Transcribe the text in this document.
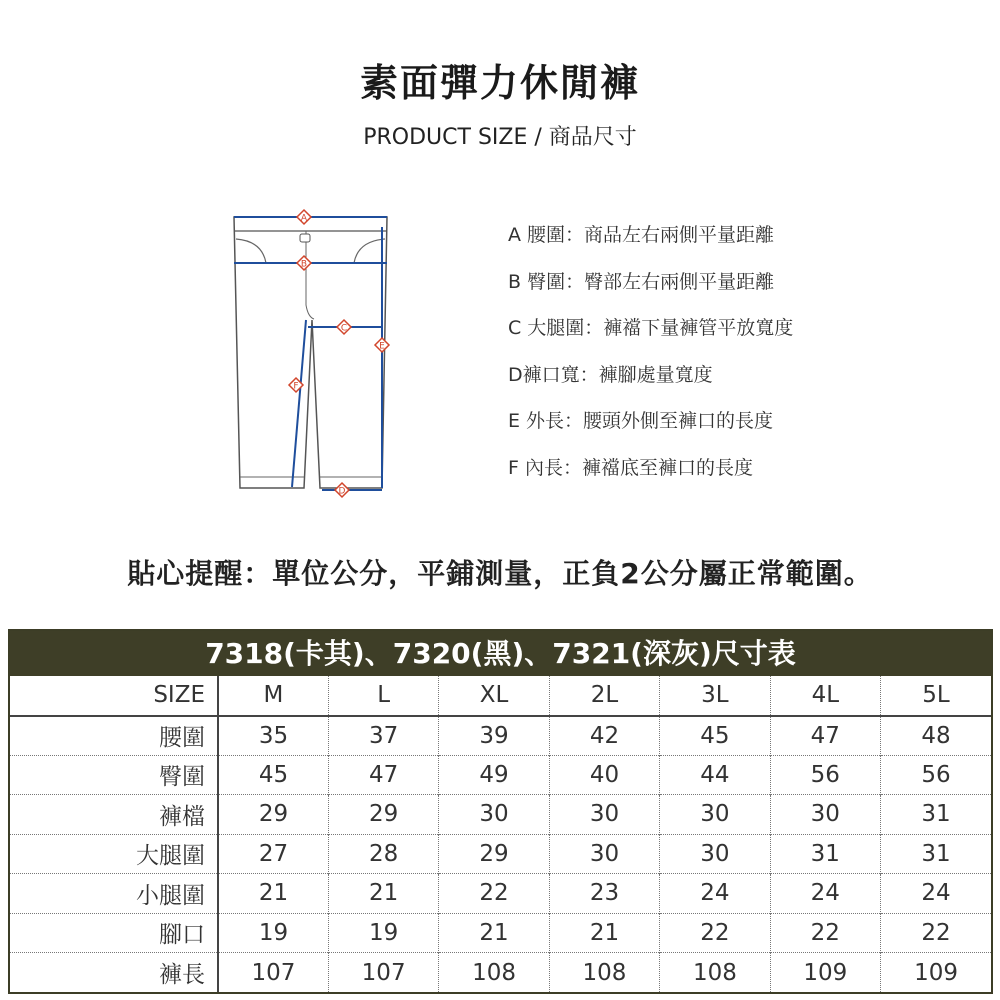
素面彈力休閒褲
PRODUCT SIZE / 商品尺寸
A
B
C
D
E
F
A 腰圍：商品左右兩側平量距離
B 臀圍：臀部左右兩側平量距離
C 大腿圍：褲襠下量褲管平放寬度
D褲口寬：褲腳處量寬度
E 外長：腰頭外側至褲口的長度
F 內長：褲襠底至褲口的長度
貼心提醒：單位公分，平鋪測量，正負2公分屬正常範圍。
7318(卡其)、7320(黑)、7321(深灰)尺寸表
SIZE	M	L	XL	2L	3L	4L	5L
腰圍	35	37	39	42	45	47	48
臀圍	45	47	49	40	44	56	56
褲檔	29	29	30	30	30	30	31
大腿圍	27	28	29	30	30	31	31
小腿圍	21	21	22	23	24	24	24
腳口	19	19	21	21	22	22	22
褲長	107	107	108	108	108	109	109
